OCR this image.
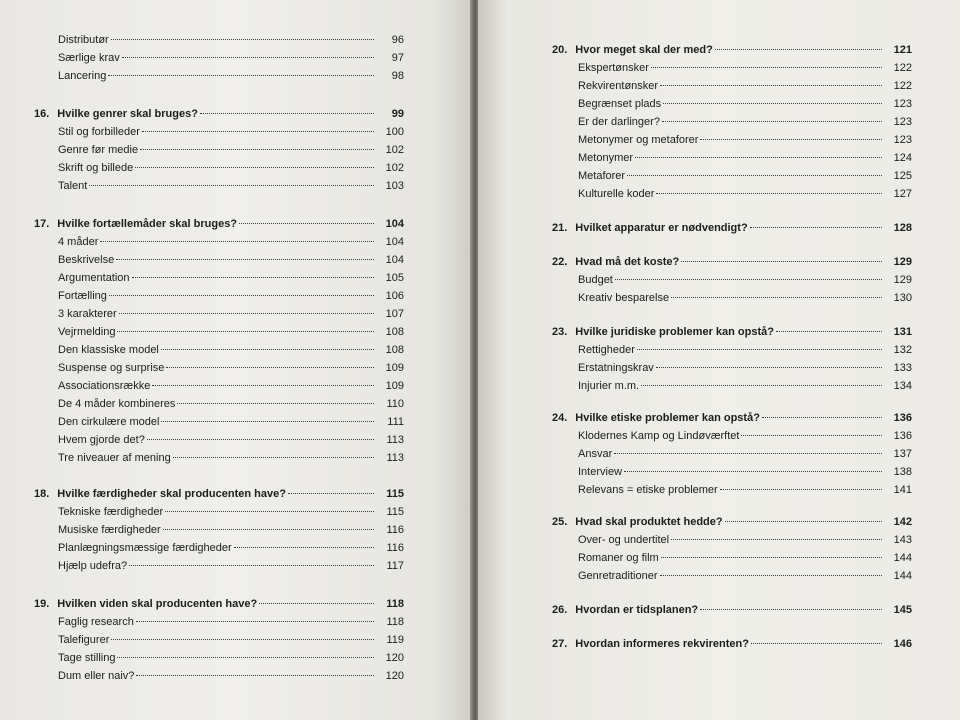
Distributør	96
Særlige krav	97
Lancering	98
16. Hvilke genrer skal bruges?	99
Stil og forbilleder	100
Genre før medie	102
Skrift og billede	102
Talent	103
17. Hvilke fortællemåder skal bruges?	104
4 måder	104
Beskrivelse	104
Argumentation	105
Fortælling	106
3 karakterer	107
Vejrmelding	108
Den klassiske model	108
Suspense og surprise	109
Associationsrække	109
De 4 måder kombineres	110
Den cirkulære model	111
Hvem gjorde det?	113
Tre niveauer af mening	113
18. Hvilke færdigheder skal producenten have?	115
Tekniske færdigheder	115
Musiske færdigheder	116
Planlægningsmæssige færdigheder	116
Hjælp udefra?	117
19. Hvilken viden skal producenten have?	118
Faglig research	118
Talefigurer	119
Tage stilling	120
Dum eller naiv?	120
20. Hvor meget skal der med?	121
Ekspertønsker	122
Rekvirentønsker	122
Begrænset plads	123
Er der darlinger?	123
Metonymer og metaforer	123
Metonymer	124
Metaforer	125
Kulturelle koder	127
21. Hvilket apparatur er nødvendigt?	128
22. Hvad må det koste?	129
Budget	129
Kreativ besparelse	130
23. Hvilke juridiske problemer kan opstå?	131
Rettigheder	132
Erstatningskrav	133
Injurier m.m.	134
24. Hvilke etiske problemer kan opstå?	136
Klodernes Kamp og Lindøværftet	136
Ansvar	137
Interview	138
Relevans = etiske problemer	141
25. Hvad skal produktet hedde?	142
Over- og undertitel	143
Romaner og film	144
Genretraditioner	144
26. Hvordan er tidsplanen?	145
27. Hvordan informeres rekvirenten?	146
